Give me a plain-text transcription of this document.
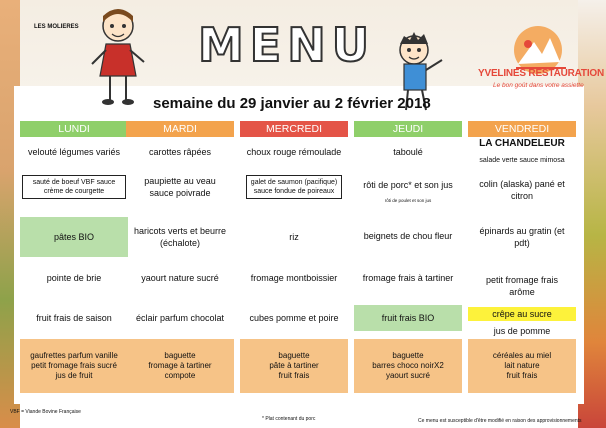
LES MOLIERES	MENU
YVELINES RESTAURATION
Le bon goût dans votre assiette
semaine du 29 janvier au 2 février 2018
LUNDI
velouté légumes variés
sauté de boeuf VBF sauce crème de courgette
pâtes BIO
pointe de brie
fruit frais de saison
gaufrettes parfum vanille
petit fromage frais sucré
jus de fruit
MARDI
carottes râpées
paupiette au veau sauce poivrade
haricots verts et beurre (échalote)
yaourt nature sucré
éclair parfum chocolat
baguette
fromage à tartiner
compote
MERCREDI
choux rouge rémoulade
galet de saumon (pacifique) sauce fondue de poireaux
riz
fromage montboissier
cubes pomme et poire
baguette
pâte à tartiner
fruit frais
JEUDI
taboulé
rôti de porc* et son jus
rôti de poulet et son jus
beignets de chou fleur
fromage frais à tartiner
fruit frais BIO
baguette
barres choco noirX2
yaourt sucré
VENDREDI
LA CHANDELEUR
salade verte sauce mimosa
colin (alaska) pané et citron
épinards au gratin (et pdt)
petit fromage frais arôme
crêpe au sucre
jus de pomme
céréales au miel
lait nature
fruit frais
VBF = Viande Bovine Française
* Plat contenant du porc	Ce menu est susceptible d'être modifié en raison des approvisionnements
